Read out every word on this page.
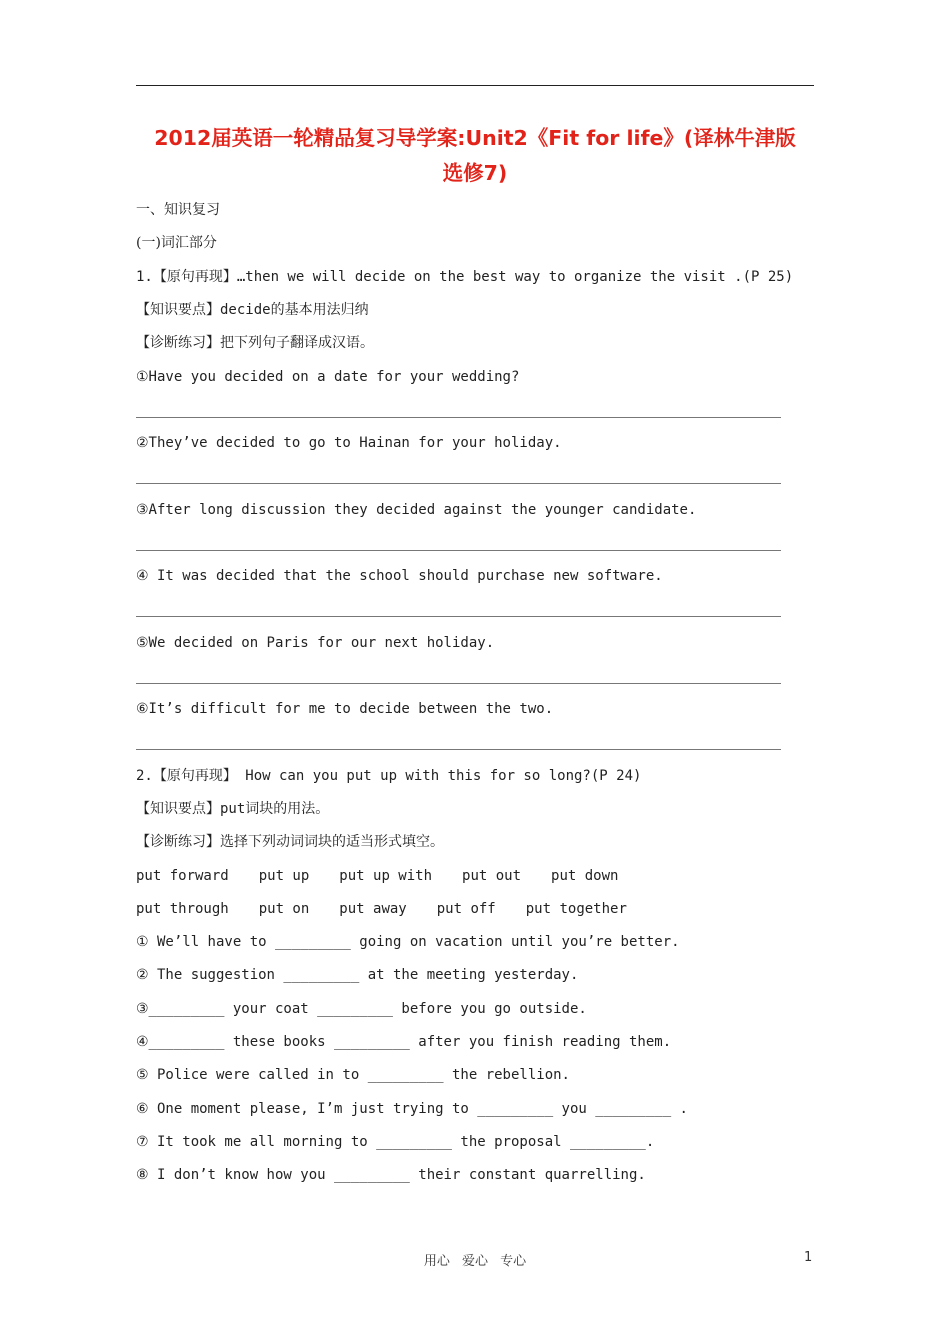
2012届英语一轮精品复习导学案:Unit2《Fit for life》(译林牛津版
选修7)
一、知识复习
(一)词汇部分
1.【原句再现】…then we will decide on the best way to organize the visit .(P 25)
【知识要点】decide的基本用法归纳
【诊断练习】把下列句子翻译成汉语。
①Have you decided on a date for your wedding?
②They’ve decided to go to Hainan for your holiday.
③After long discussion they decided against the younger candidate.
④ It was decided that the school should purchase new software.
⑤We decided on Paris for our next holiday.
⑥It’s difficult for me to decide between the two.
2.【原句再现】 How can you put up with this for so long?(P 24)
【知识要点】put词块的用法。
【诊断练习】选择下列动词词块的适当形式填空。
put forward put up put up with put out put down
put through put on put away put off put together
① We’ll have to _________ going on vacation until you’re better.
② The suggestion _________ at the meeting yesterday.
③_________ your coat _________ before you go outside.
④_________ these books _________ after you finish reading them.
⑤ Police were called in to _________ the rebellion.
⑥ One moment please, I’m just trying to _________ you _________ .
⑦ It took me all morning to _________ the proposal _________.
⑧ I don’t know how you _________ their constant quarrelling.
用心 爱心 专心	1
